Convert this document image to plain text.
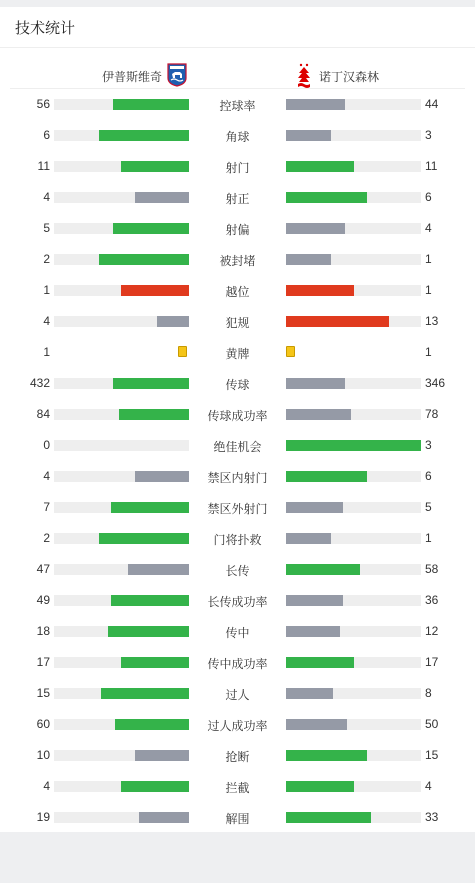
技术统计
伊普斯维奇	诺丁汉森林
56	控球率	44
6	角球	3
11	射门	11
4	射正	6
5	射偏	4
2	被封堵	1
1	越位	1
4	犯规	13
1	黄牌	1
432	传球	346
84	传球成功率	78
0	绝佳机会	3
4	禁区内射门	6
7	禁区外射门	5
2	门将扑救	1
47	长传	58
49	长传成功率	36
18	传中	12
17	传中成功率	17
15	过人	8
60	过人成功率	50
10	抢断	15
4	拦截	4
19	解围	33
